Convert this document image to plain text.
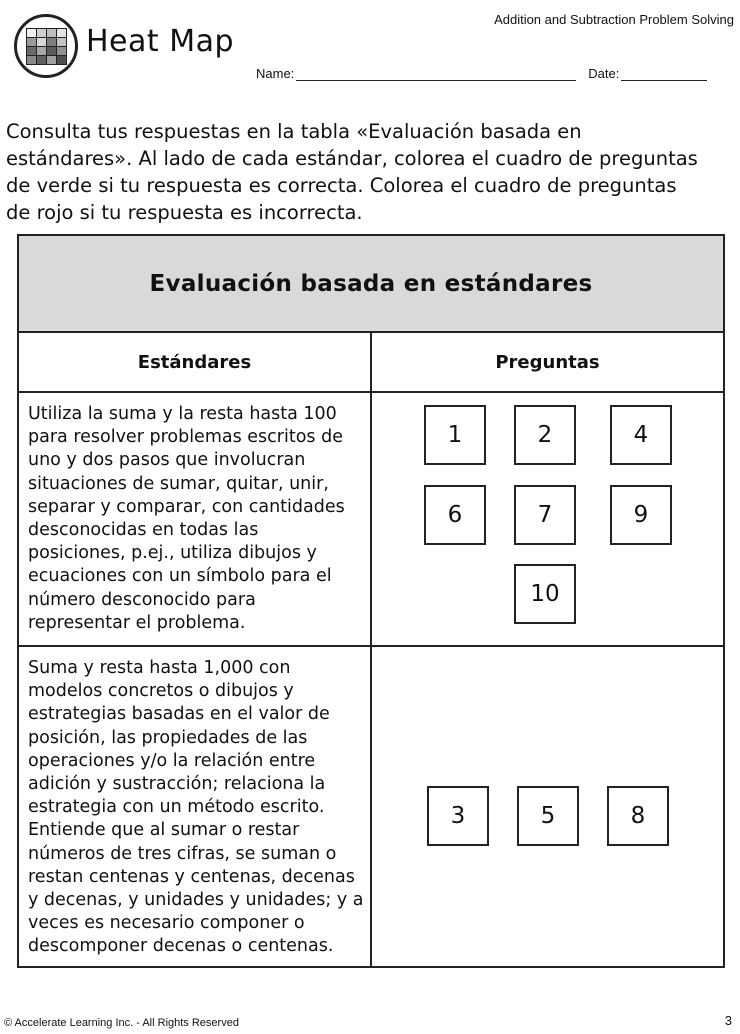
Heat Map
Addition and Subtraction Problem Solving
Name:	Date:
Consulta tus respuestas en la tabla «Evaluación basada en
estándares». Al lado de cada estándar, colorea el cuadro de preguntas
de verde si tu respuesta es correcta. Colorea el cuadro de preguntas
de rojo si tu respuesta es incorrecta.
Evaluación basada en estándares
Estándares	Preguntas
Utiliza la suma y la resta hasta 100
para resolver problemas escritos de
uno y dos pasos que involucran
situaciones de sumar, quitar, unir,
separar y comparar, con cantidades
desconocidas en todas las
posiciones, p.ej., utiliza dibujos y
ecuaciones con un símbolo para el
número desconocido para
representar el problema.
1	2	4
6	7	9
10
Suma y resta hasta 1,000 con
modelos concretos o dibujos y
estrategias basadas en el valor de
posición, las propiedades de las
operaciones y/o la relación entre
adición y sustracción; relaciona la
estrategia con un método escrito.
Entiende que al sumar o restar
números de tres cifras, se suman o
restan centenas y centenas, decenas
y decenas, y unidades y unidades; y a
veces es necesario componer o
descomponer decenas o centenas.
3	5	8
© Accelerate Learning Inc. - All Rights Reserved	3
